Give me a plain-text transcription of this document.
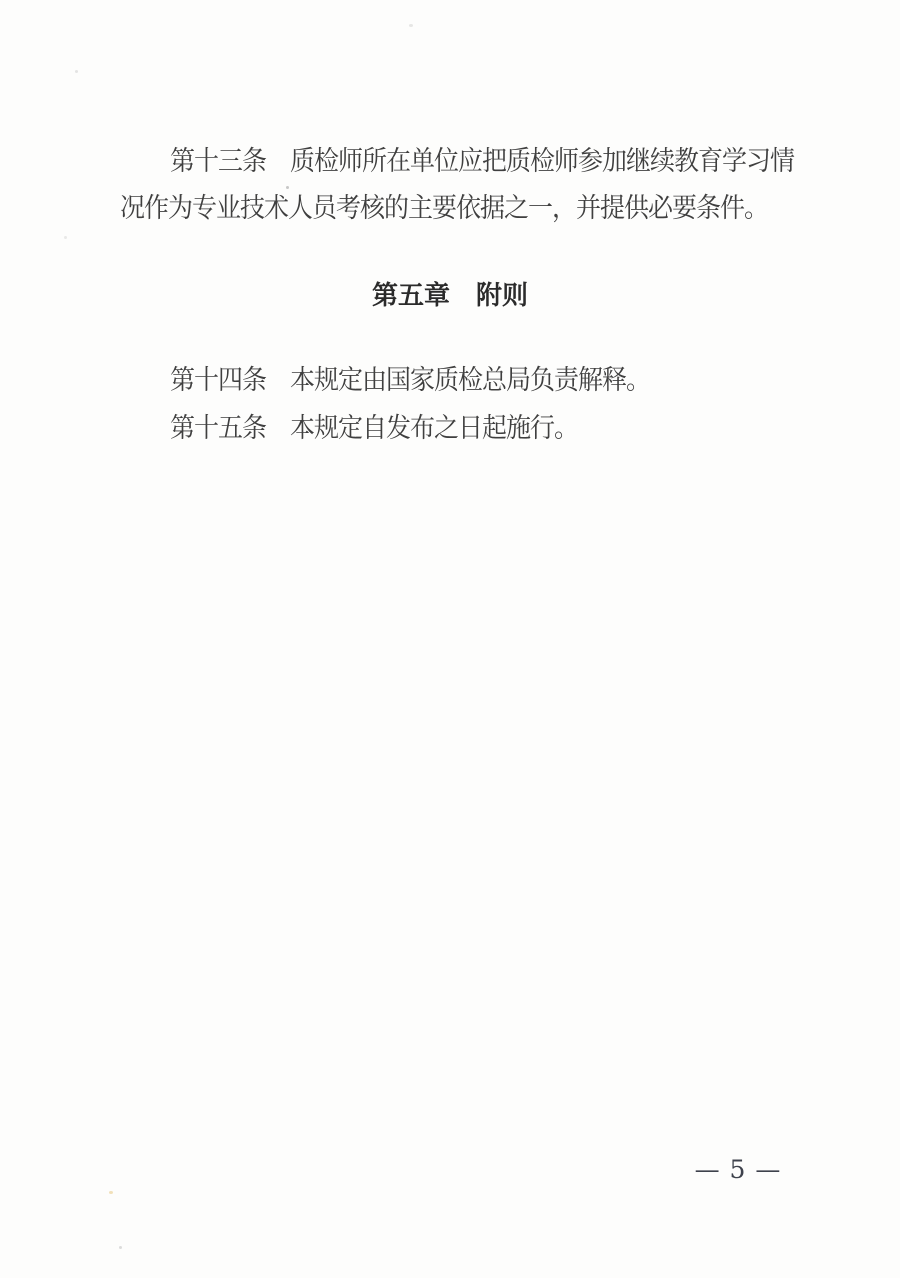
第十三条　质检师所在单位应把质检师参加继续教育学习情
况作为专业技术人员考核的主要依据之一，并提供必要条件。
第五章　附则
第十四条　本规定由国家质检总局负责解释。
第十五条　本规定自发布之日起施行。
— 5 —
